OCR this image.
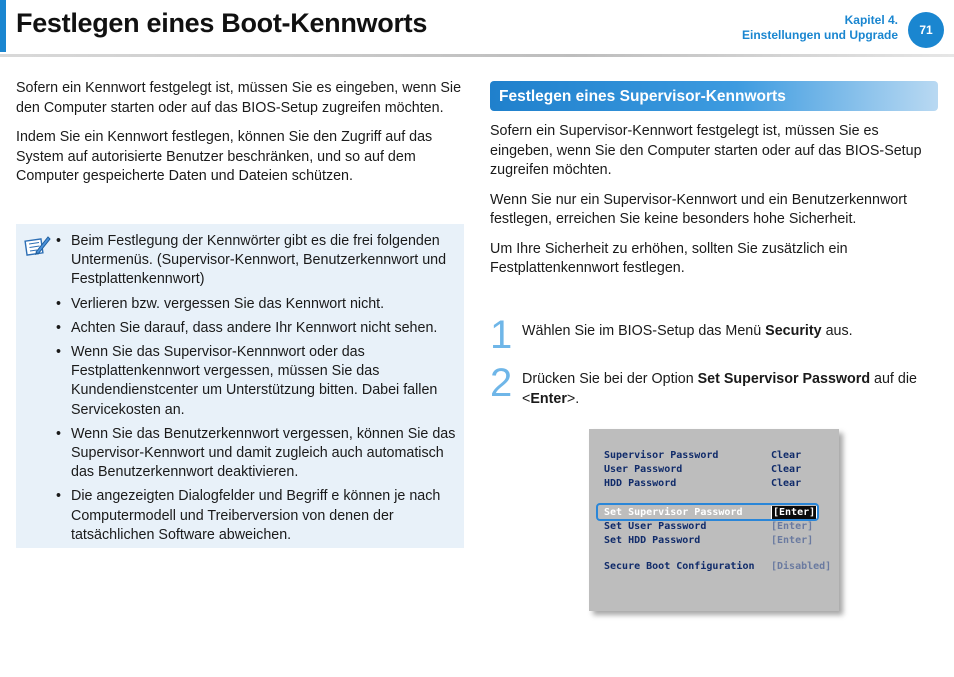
Festlegen eines Boot-Kennworts	Kapitel 4.
Einstellungen und Upgrade	71

Sofern ein Kennwort festgelegt ist, müssen Sie es eingeben, wenn Sie den Computer starten oder auf das BIOS-Setup zugreifen möchten.

Indem Sie ein Kennwort festlegen, können Sie den Zugriff auf das System auf autorisierte Benutzer beschränken, und so auf dem Computer gespeicherte Daten und Dateien schützen.

• Beim Festlegung der Kennwörter gibt es die frei folgenden Untermenüs. (Supervisor-Kennwort, Benutzerkennwort und Festplattenkennwort)
• Verlieren bzw. vergessen Sie das Kennwort nicht.
• Achten Sie darauf, dass andere Ihr Kennwort nicht sehen.
• Wenn Sie das Supervisor-Kennnwort oder das Festplattenkennwort vergessen, müssen Sie das Kundendienstcenter um Unterstützung bitten. Dabei fallen Servicekosten an.
• Wenn Sie das Benutzerkennwort vergessen, können Sie das Supervisor-Kennwort und damit zugleich auch automatisch das Benutzerkennwort deaktivieren.
• Die angezeigten Dialogfelder und Begriff e können je nach Computermodell und Treiberversion von denen der tatsächlichen Software abweichen.
Festlegen eines Supervisor-Kennworts

Sofern ein Supervisor-Kennwort festgelegt ist, müssen Sie es eingeben, wenn Sie den Computer starten oder auf das BIOS-Setup zugreifen möchten.

Wenn Sie nur ein Supervisor-Kennwort und ein Benutzerkennwort festlegen, erreichen Sie keine besonders hohe Sicherheit.

Um Ihre Sicherheit zu erhöhen, sollten Sie zusätzlich ein Festplattenkennwort festlegen.

1 Wählen Sie im BIOS-Setup das Menü Security aus.
2 Drücken Sie bei der Option Set Supervisor Password auf die <Enter>.
Supervisor Password	Clear
User Password	Clear
HDD Password	Clear
Set Supervisor Password	[Enter]
Set User Password	[Enter]
Set HDD Password	[Enter]
Secure Boot Configuration [Disabled]
